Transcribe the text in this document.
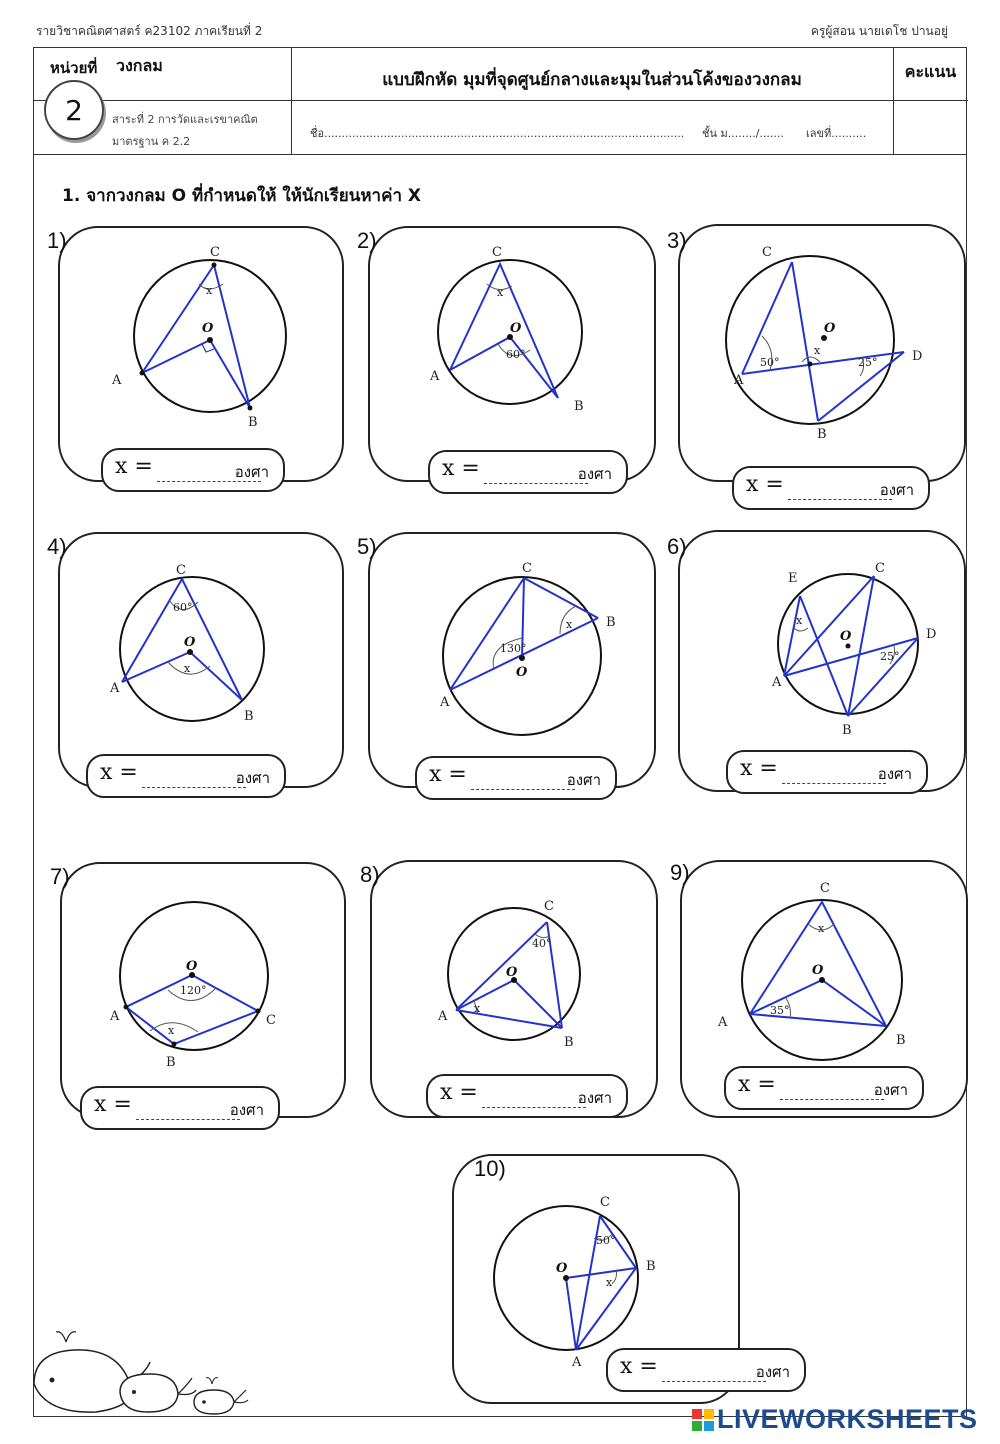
รายวิชาคณิตศาสตร์ ค23102 ภาคเรียนที่ 2	ครูผู้สอน นายเดโช ปานอยู่
หน่วยที่ วงกลม
2	สาระที่ 2 การวัดและเรขาคณิต
มาตรฐาน ค 2.2
แบบฝึกหัด มุมที่จุดศูนย์กลางและมุมในส่วนโค้งของวงกลม	คะแนน
ชื่อ....................................................................................................... ชั้น ม......../....... เลขที่..........
1. จากวงกลม O ที่กำหนดให้ ให้นักเรียนหาค่า X
A
B
C
O
x
1)
x =	องศา
A
B
C
O
x
60°
2)
x =	องศา
A
B
C
D
O
x
50°	25°
3)
x =	องศา
A
B
C
O
x
60°
4)
x =	องศา
A
B
C
O
x
130°
5)
x =	องศา
A
B
C
D
E
O
x
25°
6)
x =	องศา
A
B
C
O
x
120°
7)
x =	องศา
A
B
C
O
x
40°
8)
x =	องศา
A
B
C
O
x
35°
9)
x =	องศา
A
B
C
O
x
50°
10)
x =	องศา
LIVEWORKSHEETS
